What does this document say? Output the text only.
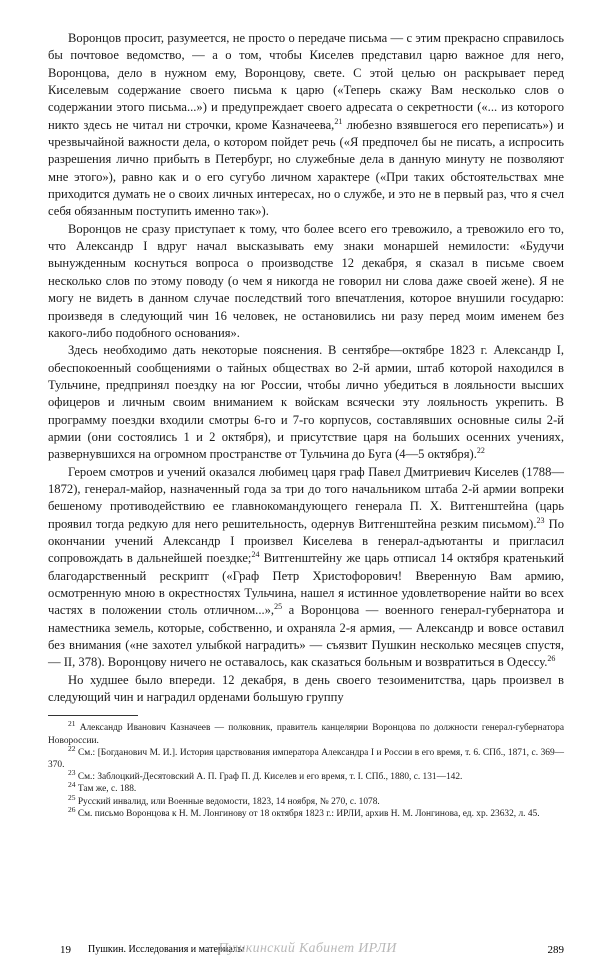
Воронцов просит, разумеется, не просто о передаче письма — с этим прекрасно справилось бы почтовое ведомство, — а о том, чтобы Киселев представил царю важное для него, Воронцова, дело в нужном ему, Воронцову, свете. С этой целью он раскрывает перед Киселевым содержание своего письма к царю («Теперь скажу Вам несколько слов о содержании этого письма...») и предупреждает своего адресата о секретности («... из которого никто здесь не читал ни строчки, кроме Казначеева,$^{21}$ любезно взявшегося его переписать») и чрезвычайной важности дела, о котором пойдет речь («Я предпочел бы не писать, а испросить разрешения лично прибыть в Петербург, но служебные дела в данную минуту не позволяют мне этого»), равно как и о его сугубо личном характере («При таких обстоятельствах мне приходится думать не о своих личных интересах, но о службе, и это не в первый раз, что я счел себя обязанным поступить именно так»).

Воронцов не сразу приступает к тому, что более всего его тревожило, а тревожило его то, что Александр I вдруг начал высказывать ему знаки монаршей немилости: «Будучи вынужденным коснуться вопроса о производстве 12 декабря, я сказал в письме своем несколько слов по этому поводу (о чем я никогда не говорил ни слова даже своей жене). Я не могу не видеть в данном случае последствий того впечатления, которое внушили государю: произведя в следующий чин 16 человек, не остановились ни разу перед моим именем без какого-либо подобного основания».

Здесь необходимо дать некоторые пояснения. В сентябре—октябре 1823 г. Александр I, обеспокоенный сообщениями о тайных обществах во 2-й армии, штаб которой находился в Тульчине, предпринял поездку на юг России, чтобы лично убедиться в лояльности высших офицеров и личным своим вниманием к войскам всячески эту лояльность укрепить. В программу поездки входили смотры 6-го и 7-го корпусов, составлявших основные силы 2-й армии (они состоялись 1 и 2 октября), и присутствие царя на больших осенних учениях, развернувшихся на огромном пространстве от Тульчина до Буга (4—5 октября).$^{22}$

Героем смотров и учений оказался любимец царя граф Павел Дмитриевич Киселев (1788—1872), генерал-майор, назначенный года за три до того начальником штаба 2-й армии вопреки бешеному противодействию ее главнокомандующего генерала П. Х. Витгенштейна (царь проявил тогда редкую для него решительность, одернув Витгенштейна резким письмом).$^{23}$ По окончании учений Александр I произвел Киселева в генерал-адъютанты и пригласил сопровождать в дальнейшей поездке;$^{24}$ Витгенштейну же царь отписал 14 октября кратенький благодарственный рескрипт («Граф Петр Христофорович! Вверенную Вам армию, осмотренную мною в окрестностях Тульчина, нашел я истинное удовлетворение найти во всех частях в положении столь отличном...»,$^{25}$ а Воронцова — военного генерал-губернатора и наместника земель, которые, собственно, и охраняла 2-я армия, — Александр и вовсе оставил без внимания («не захотел улыбкой наградить» — съязвит Пушкин несколько месяцев спустя, — II, 378). Воронцову ничего не оставалось, как сказаться больным и возвратиться в Одессу.$^{26}$

Но худшее было впереди. 12 декабря, в день своего тезоименитства, царь произвел в следующий чин и наградил орденами большую группу

$^{21}$ Александр Иванович Казначеев — полковник, правитель канцелярии Воронцова по должности генерал-губернатора Новороссии.
$^{22}$ См.: [Богданович М. И.]. История царствования императора Александра I и России в его время, т. 6. СПб., 1871, с. 369—370.
$^{23}$ См.: Заблоцкий-Десятовский А. П. Граф П. Д. Киселев и его время, т. I. СПб., 1880, с. 131—142.
$^{24}$ Там же, с. 188.
$^{25}$ Русский инвалид, или Военные ведомости, 1823, 14 ноября, № 270, с. 1078.
$^{26}$ См. письмо Воронцова к Н. М. Лонгинову от 18 октября 1823 г.: ИРЛИ, архив Н. М. Лонгинова, ед. хр. 23632, л. 45.
19 Пушкин. Исследования и материалы
Пушкинский Кабинет ИРЛИ	289
